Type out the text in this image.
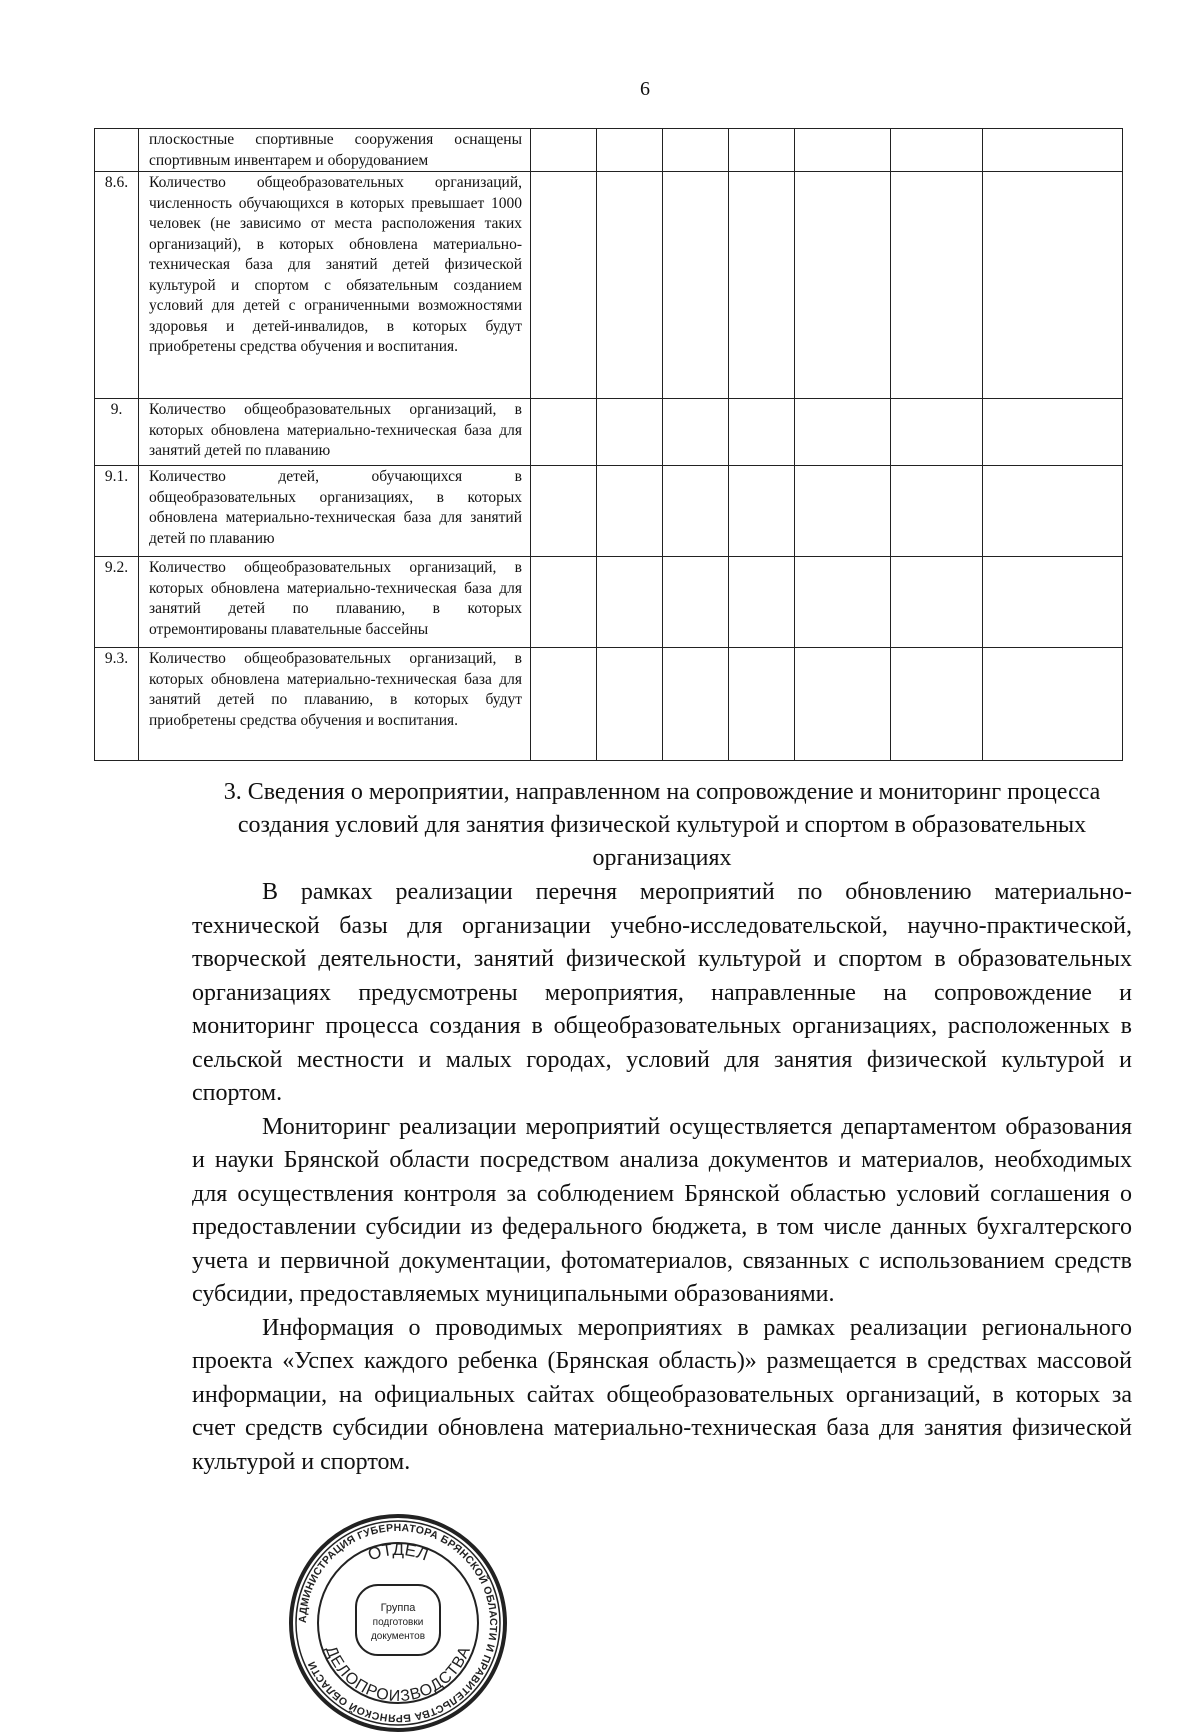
6
	плоскостные спортивные сооружения оснащены спортивным инвентарем и оборудованием							
8.6.	Количество общеобразовательных организаций, численность обучающихся в которых превышает 1000 человек (не зависимо от места расположения таких организаций), в которых обновлена материально-техническая база для занятий детей физической культурой и спортом с обязательным созданием условий для детей с ограниченными возможностями здоровья и детей-инвалидов, в которых будут приобретены средства обучения и воспитания.							
9.	Количество общеобразовательных организаций, в которых обновлена материально-техническая база для занятий детей по плаванию							
9.1.	Количество детей, обучающихся в общеобразовательных организациях, в которых обновлена материально-техническая база для занятий детей по плаванию							
9.2.	Количество общеобразовательных организаций, в которых обновлена материально-техническая база для занятий детей по плаванию, в которых отремонтированы плавательные бассейны							
9.3.	Количество общеобразовательных организаций, в которых обновлена материально-техническая база для занятий детей по плаванию, в которых будут приобретены средства обучения и воспитания.							
3. Сведения о мероприятии, направленном на сопровождение и мониторинг процесса создания условий для занятия физической культурой и спортом в образовательных организациях

В рамках реализации перечня мероприятий по обновлению материально-технической базы для организации учебно-исследовательской, научно-практической, творческой деятельности, занятий физической культурой и спортом в образовательных организациях предусмотрены мероприятия, направленные на сопровождение и мониторинг процесса создания в общеобразовательных организациях, расположенных в сельской местности и малых городах, условий для занятия физической культурой и спортом.

Мониторинг реализации мероприятий осуществляется департаментом образования и науки Брянской области посредством анализа документов и материалов, необходимых для осуществления контроля за соблюдением Брянской областью условий соглашения о предоставлении субсидии из федерального бюджета, в том числе данных бухгалтерского учета и первичной документации, фотоматериалов, связанных с использованием средств субсидии, предоставляемых муниципальными образованиями.

Информация о проводимых мероприятиях в рамках реализации регионального проекта «Успех каждого ребенка (Брянская область)» размещается в средствах массовой информации, на официальных сайтах общеобразовательных организаций, в которых за счет средств субсидии обновлена материально-техническая база для занятия физической культурой и спортом.

АДМИНИСТРАЦИЯ ГУБЕРНАТОРА БРЯНСКОЙ ОБЛАСТИ И ПРАВИТЕЛЬСТВА БРЯНСКОЙ ОБЛАСТИ
ОТДЕЛ
ДЕЛОПРОИЗВОДСТВА
Группа
подготовки
документов
